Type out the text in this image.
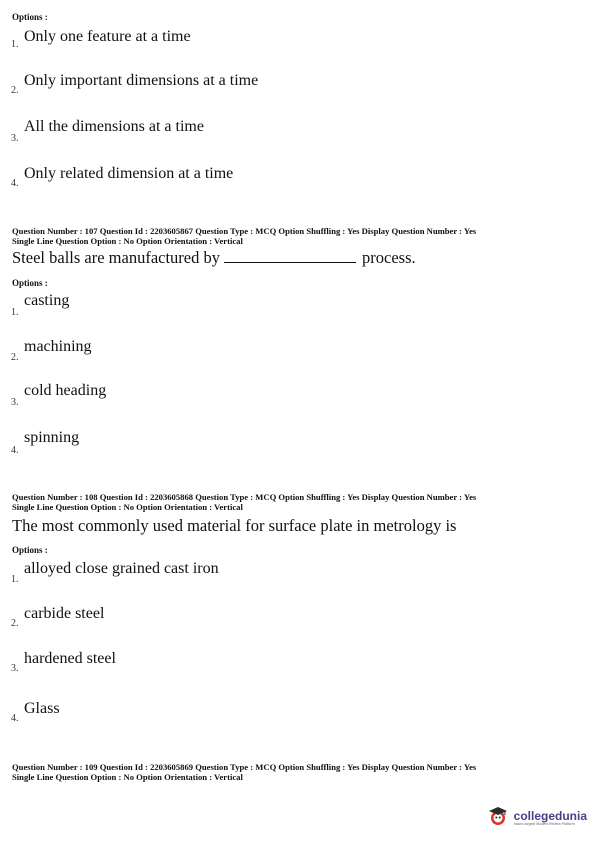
Options :
1. Only one feature at a time
2.
Only important dimensions at a time
3.
All the dimensions at a time
4.
Only related dimension at a time
Question Number : 107 Question Id : 2203605867 Question Type : MCQ Option Shuffling : Yes Display Question Number : Yes
Single Line Question Option : No Option Orientation : Vertical
Steel balls are manufactured by	process.
Options :
1.
casting
2.
machining
3.
cold heading
4.
spinning
Question Number : 108 Question Id : 2203605868 Question Type : MCQ Option Shuffling : Yes Display Question Number : Yes
Single Line Question Option : No Option Orientation : Vertical
The most commonly used material for surface plate in metrology is
Options :
1.
alloyed close grained cast iron
2.
carbide steel
3.
hardened steel
4.
Glass
Question Number : 109 Question Id : 2203605869 Question Type : MCQ Option Shuffling : Yes Display Question Number : Yes
Single Line Question Option : No Option Orientation : Vertical
collegedunia
India's largest Student Review Platform
